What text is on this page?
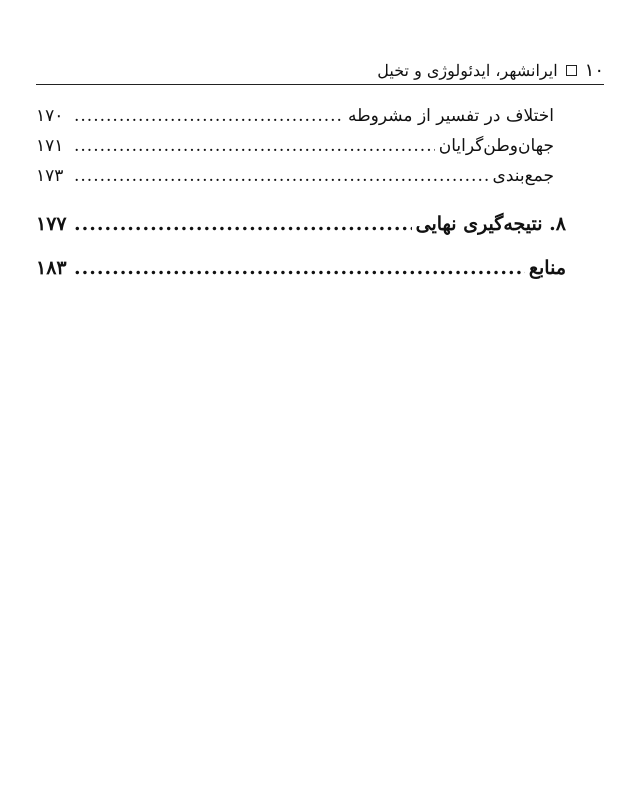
۱۰
ایرانشهر، ایدئولوژی و تخیل
اختلاف در تفسیر از مشروطه
.....
۱۷۰
جهان‌وطن‌گرایان
.....
۱۷۱
جمع‌بندی
.....
۱۷۳
۸. نتیجه‌گیری نهایی
.....
۱۷۷
منابع
.....
۱۸۳
